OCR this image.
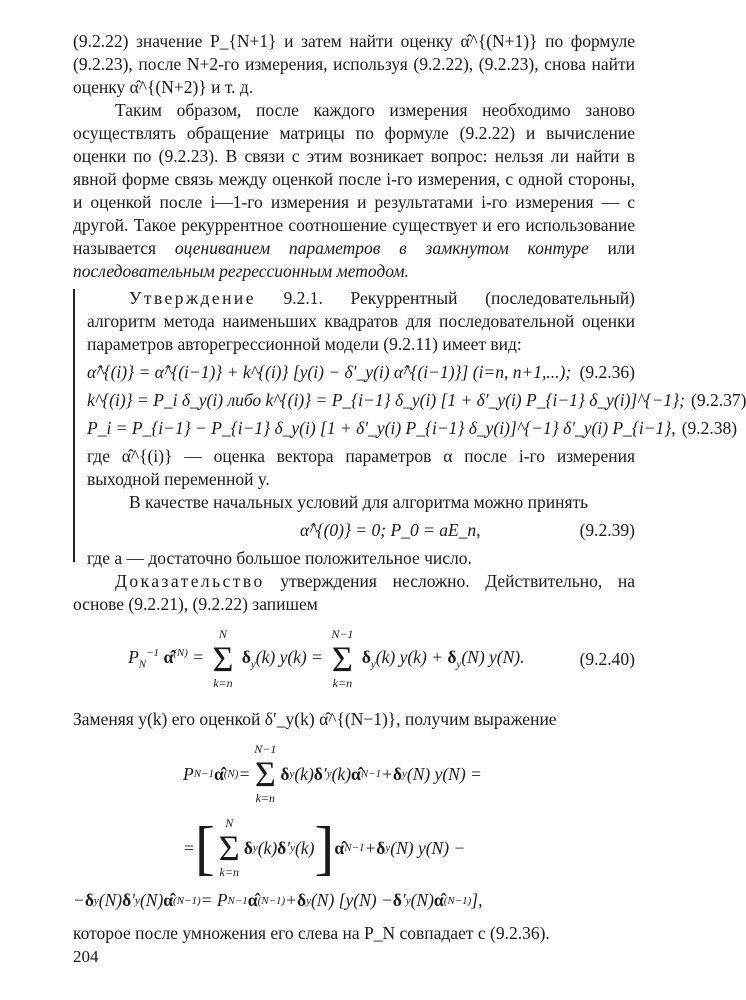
(9.2.22) значение P_{N+1} и затем найти оценку α̂^{(N+1)} по формуле (9.2.23), после N+2-го измерения, используя (9.2.22), (9.2.23), снова найти оценку α̂^{(N+2)} и т. д.

Таким образом, после каждого измерения необходимо заново осуществлять обращение матрицы по формуле (9.2.22) и вычисление оценки по (9.2.23). В связи с этим возникает вопрос: нельзя ли найти в явной форме связь между оценкой после i-го измерения, с одной стороны, и оценкой после i—1-го измерения и результатами i-го измерения — с другой. Такое рекуррентное соотношение существует и его использование называется оцениванием параметров в замкнутом контуре или последовательным регрессионным методом.

Утверждение 9.2.1. Рекуррентный (последовательный) алгоритм метода наименьших квадратов для последовательной оценки параметров авторегрессионной модели (9.2.11) имеет вид:

α̂^{(i)} = α̂^{(i−1)} + k^{(i)} [y(i) − δ′_y(i) α̂^{(i−1)}] (i=n, n+1,...); (9.2.36)
k^{(i)} = P_i δ_y(i) либо k^{(i)} = P_{i−1} δ_y(i) [1 + δ′_y(i) P_{i−1} δ_y(i)]^{−1}; (9.2.37)
P_i = P_{i−1} − P_{i−1} δ_y(i) [1 + δ′_y(i) P_{i−1} δ_y(i)]^{−1} δ′_y(i) P_{i−1}, (9.2.38)

где α̂^{(i)} — оценка вектора параметров α после i-го измерения выходной переменной y.

В качестве начальных условий для алгоритма можно принять

α̂^{(0)} = 0; P_0 = aE_n,	(9.2.39)

где a — достаточно большое положительное число.

Доказательство утверждения несложно. Действительно, на основе (9.2.21), (9.2.22) запишем

$P_N^{-1}$ α̂$^{(N)}$ =
N
Σ
k=n
$\delta_y(k) y(k)$ =
N−1
Σ
k=n
$\delta_y(k) y(k) + \delta_y(N)$ y(N).	(9.2.40)

Заменяя y(k) его оценкой δ′_y(k) α̂^{(N−1)}, получим выражение

P N −1 α̂ (N) =
N−1
Σ
k=n
δ y (k) δ ′ y (k) α̂ N−1 + δ y (N) y(N) =
= [ N
Σ
k=n
δ y (k) δ ′ y (k) ] α̂ N−1 + δ y (N) y(N) −
− δ y (N) δ ′ y (N) α̂ (N−1) = P N −1 α̂ (N−1) + δ y (N) [y(N) − δ ′ y (N) α̂ (N−1) ],

которое после умножения его слева на P_N совпадает с (9.2.36).

204
